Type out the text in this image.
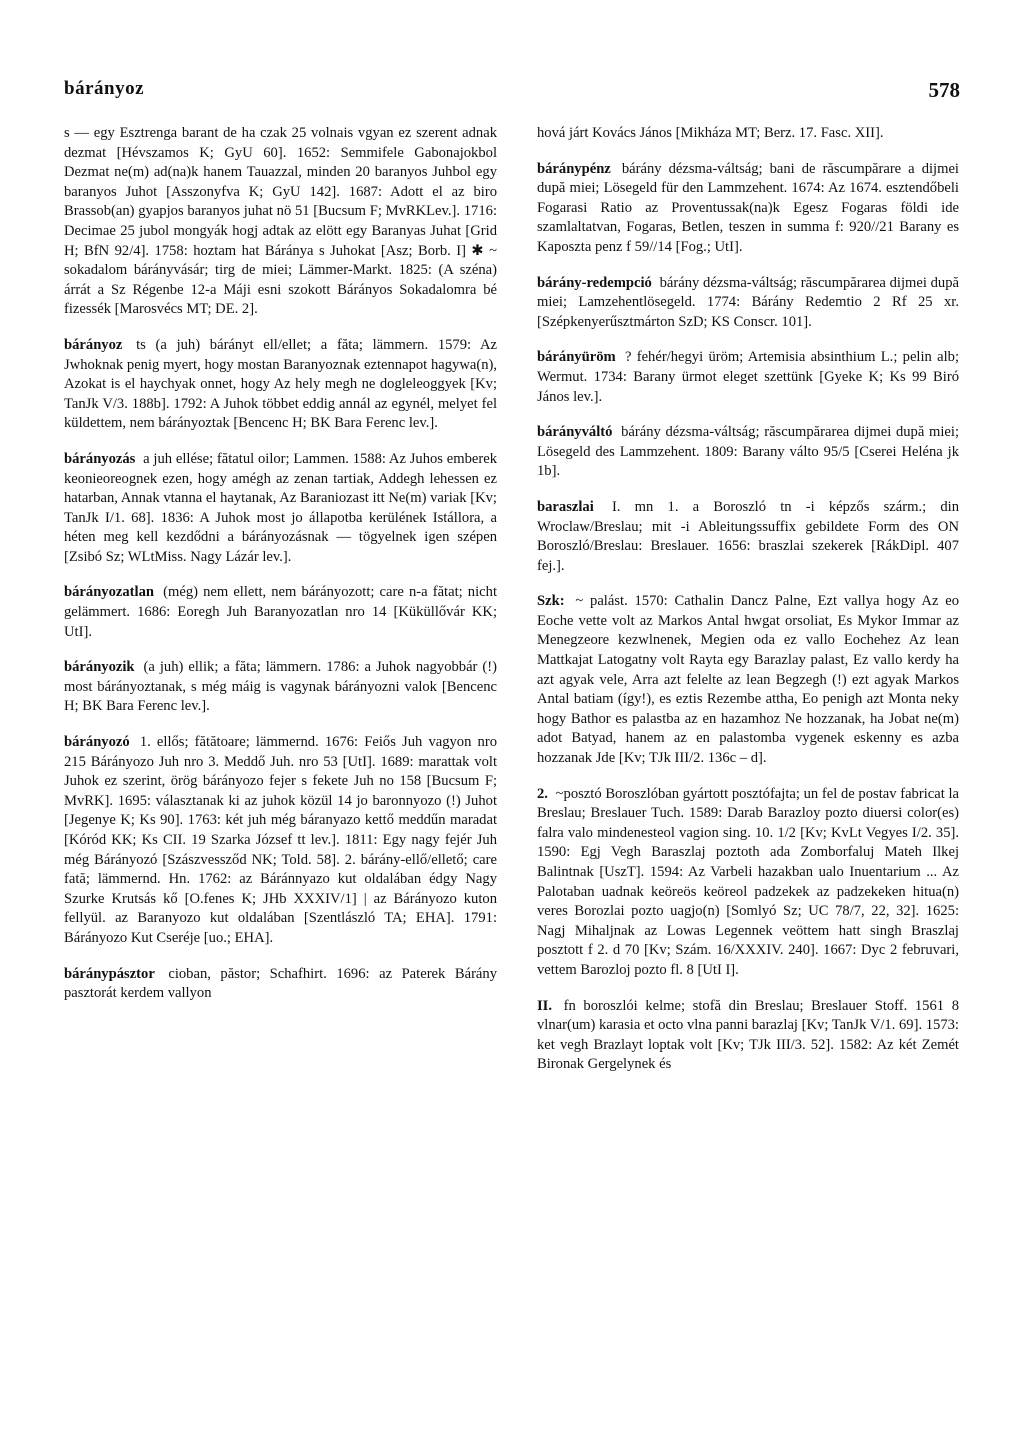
bárányoz	578

s — egy Esztrenga barant de ha czak 25 volnais vgyan ez szerent adnak dezmat [Hévszamos K; GyU 60]. 1652: Semmifele Gabonajokbol Dezmat ne(m) ad(na)k hanem Tauazzal, minden 20 baranyos Juhbol egy baranyos Juhot [Asszonyfva K; GyU 142]. 1687: Adott el az biro Brassob(an) gyapjos baranyos juhat nö 51 [Bucsum F; MvRKLev.]. 1716: Decimae 25 jubol mongyák hogj adtak az elött egy Baranyas Juhat [Grid H; BfN 92/4]. 1758: hoztam hat Báránya s Juhokat [Asz; Borb. I] ✱ ~ sokadalom bárányvásár; tirg de miei; Lämmer-Markt. 1825: (A széna) árrát a Sz Régenbe 12-a Máji esni szokott Bárányos Sokadalomra bé fizessék [Marosvécs MT; DE. 2].

bárányoz ts (a juh) bárányt ell/ellet; a făta; lämmern. 1579: Az Jwhoknak penig myert, hogy mostan Baranyoznak eztennapot hagywa(n), Azokat is el haychyak onnet, hogy Az hely megh ne dogleleoggyek [Kv; TanJk V/3. 188b]. 1792: A Juhok többet eddig annál az egynél, melyet fel küldettem, nem bárányoztak [Bencenc H; BK Bara Ferenc lev.].

bárányozás a juh ellése; fătatul oilor; Lammen. 1588: Az Juhos emberek keonieoreognek ezen, hogy amégh az zenan tartiak, Addegh lehessen ez hatarban, Annak vtanna el haytanak, Az Baraniozast itt Ne(m) variak [Kv; TanJk I/1. 68]. 1836: A Juhok most jo állapotba kerülének Istállora, a héten meg kell kezdődni a bárányozásnak — tögyelnek igen szépen [Zsibó Sz; WLtMiss. Nagy Lázár lev.].

bárányozatlan (még) nem ellett, nem bárányozott; care n-a fătat; nicht gelämmert. 1686: Eoregh Juh Baranyozatlan nro 14 [Küküllővár KK; UtI].

bárányozik (a juh) ellik; a făta; lämmern. 1786: a Juhok nagyobbár (!) most bárányoztanak, s még máig is vagynak bárányozni valok [Bencenc H; BK Bara Ferenc lev.].

bárányozó 1. ellős; fătătoare; lämmernd. 1676: Feiős Juh vagyon nro 215 Bárányozo Juh nro 3. Meddő Juh. nro 53 [UtI]. 1689: marattak volt Juhok ez szerint, örög bárányozo fejer s fekete Juh no 158 [Bucsum F; MvRK]. 1695: választanak ki az juhok közül 14 jo baronnyozo (!) Juhot [Jegenye K; Ks 90]. 1763: két juh még báranyazo kettő meddűn maradat [Kóród KK; Ks CII. 19 Szarka József tt lev.]. 1811: Egy nagy fejér Juh még Bárányozó [Szászvessződ NK; Told. 58]. 2. bárány-ellő/ellető; care fată; lämmernd. Hn. 1762: az Báránnyazo kut oldalában édgy Nagy Szurke Krutsás kő [O.fenes K; JHb XXXIV/1] | az Bárányozo kuton fellyül. az Baranyozo kut oldalában [Szentlászló TA; EHA]. 1791: Bárányozo Kut Cseréje [uo.; EHA].

báránypásztor cioban, păstor; Schafhirt. 1696: az Paterek Bárány pasztorát kerdem vallyon

hová járt Kovács János [Mikháza MT; Berz. 17. Fasc. XII].

báránypénz bárány dézsma-váltság; bani de răscumpărare a dijmei după miei; Lösegeld für den Lammzehent. 1674: Az 1674. esztendőbeli Fogarasi Ratio az Proventussak(na)k Egesz Fogaras földi ide szamlaltatvan, Fogaras, Betlen, teszen in summa f: 920//21 Barany es Kaposzta penz f 59//14 [Fog.; UtI].

bárány-redempció bárány dézsma-váltság; răscumpărarea dijmei după miei; Lamzehentlösegeld. 1774: Bárány Redemtio 2 Rf 25 xr. [Szépkenyerűsztmárton SzD; KS Conscr. 101].

bárányüröm ? fehér/hegyi üröm; Artemisia absinthium L.; pelin alb; Wermut. 1734: Barany ürmot eleget szettünk [Gyeke K; Ks 99 Biró János lev.].

bárányváltó bárány dézsma-váltság; răscumpărarea dijmei după miei; Lösegeld des Lammzehent. 1809: Barany válto 95/5 [Cserei Heléna jk 1b].

baraszlai I. mn 1. a Boroszló tn -i képzős szárm.; din Wroclaw/Breslau; mit -i Ableitungssuffix gebildete Form des ON Boroszló/Breslau: Breslauer. 1656: braszlai szekerek [RákDipl. 407 fej.].

Szk: ~ palást. 1570: Cathalin Dancz Palne, Ezt vallya hogy Az eo Eoche vette volt az Markos Antal hwgat orsoliat, Es Mykor Immar az Menegzeore kezwlnenek, Megien oda ez vallo Eochehez Az lean Mattkajat Latogatny volt Rayta egy Barazlay palast, Ez vallo kerdy ha azt agyak vele, Arra azt felelte az lean Begzegh (!) ezt agyak Markos Antal batiam (így!), es eztis Rezembe attha, Eo penigh azt Monta neky hogy Bathor es palastba az en hazamhoz Ne hozzanak, ha Jobat ne(m) adot Batyad, hanem az en palastomba vygenek eskenny es azba hozzanak Jde [Kv; TJk III/2. 136c – d].

2. ~posztó Boroszlóban gyártott posztófajta; un fel de postav fabricat la Breslau; Breslauer Tuch. 1589: Darab Barazloy pozto diuersi color(es) falra valo mindenesteol vagion sing. 10. 1/2 [Kv; KvLt Vegyes I/2. 35]. 1590: Egj Vegh Baraszlaj poztoth ada Zomborfaluj Mateh Ilkej Balintnak [UszT]. 1594: Az Varbeli hazakban ualo Inuentarium ... Az Palotaban uadnak keöreös keöreol padzekek az padzekeken hitua(n) veres Borozlai pozto uagjo(n) [Somlyó Sz; UC 78/7, 22, 32]. 1625: Nagj Mihaljnak az Lowas Legennek veöttem hatt singh Braszlaj posztott f 2. d 70 [Kv; Szám. 16/XXXIV. 240]. 1667: Dyc 2 februvari, vettem Barozloj pozto fl. 8 [UtI I].

II. fn boroszlói kelme; stofă din Breslau; Breslauer Stoff. 1561 8 vlnar(um) karasia et octo vlna panni barazlaj [Kv; TanJk V/1. 69]. 1573: ket vegh Brazlayt loptak volt [Kv; TJk III/3. 52]. 1582: Az két Zemét Bironak Gergelynek és
